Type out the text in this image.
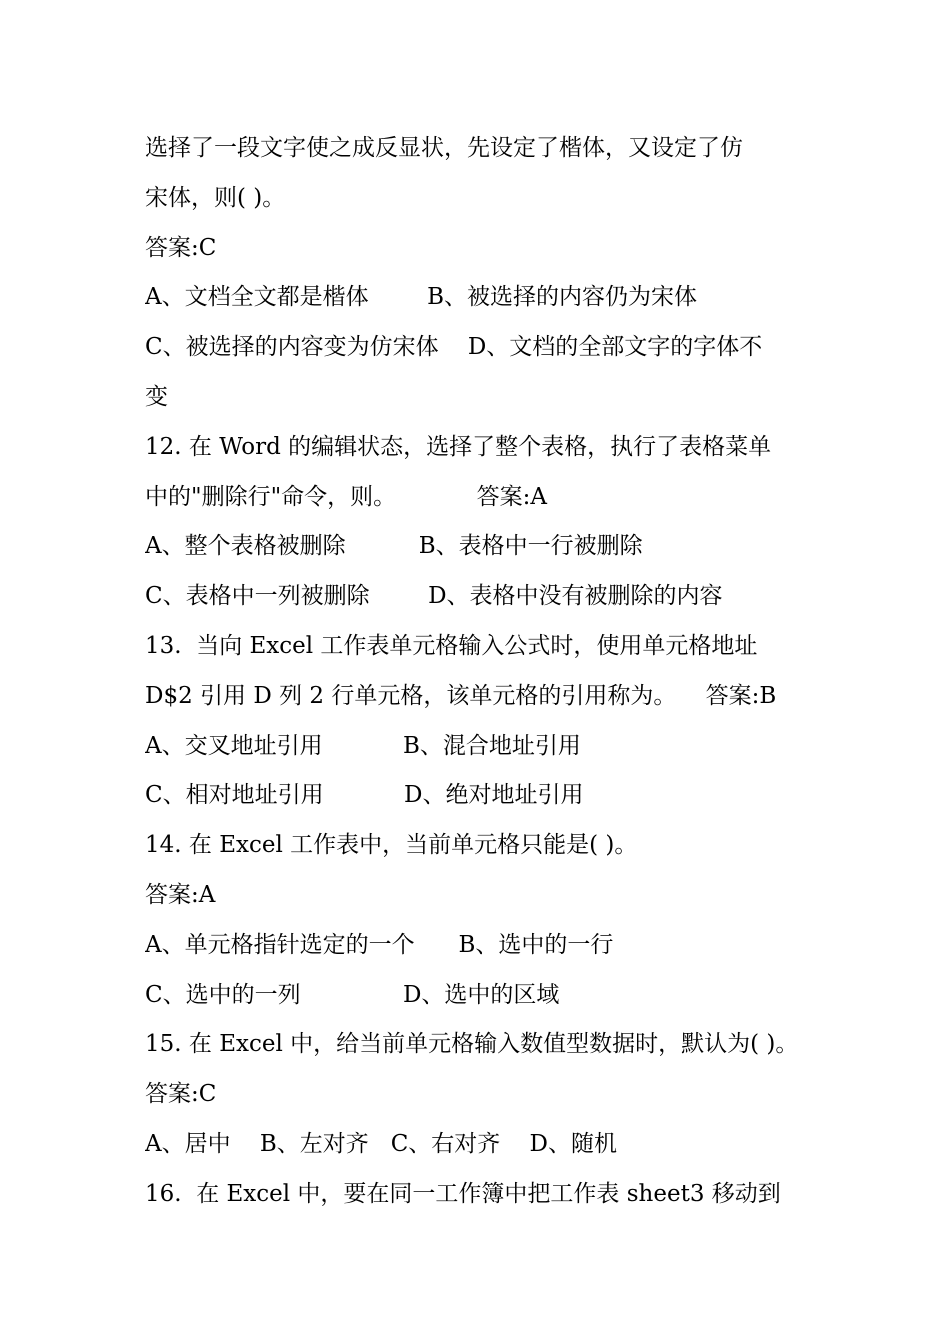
选择了一段文字使之成反显状，先设定了楷体，又设定了仿
宋体，则( )。
答案:C
A、文档全文都是楷体        B、被选择的内容仍为宋体
C、被选择的内容变为仿宋体    D、文档的全部文字的字体不
变
12. 在 Word 的编辑状态，选择了整个表格，执行了表格菜单
中的"删除行"命令，则。           答案:A
A、整个表格被删除          B、表格中一行被删除
C、表格中一列被删除        D、表格中没有被删除的内容
13.  当向 Excel 工作表单元格输入公式时，使用单元格地址
D$2 引用 D 列 2 行单元格，该单元格的引用称为。    答案:B
A、交叉地址引用           B、混合地址引用
C、相对地址引用           D、绝对地址引用
14. 在 Excel 工作表中，当前单元格只能是( )。
答案:A
A、单元格指针选定的一个      B、选中的一行
C、选中的一列              D、选中的区域
15. 在 Excel 中，给当前单元格输入数值型数据时，默认为( )。
答案:C
A、居中    B、左对齐   C、右对齐    D、随机
16.  在 Excel 中，要在同一工作簿中把工作表 sheet3 移动到
